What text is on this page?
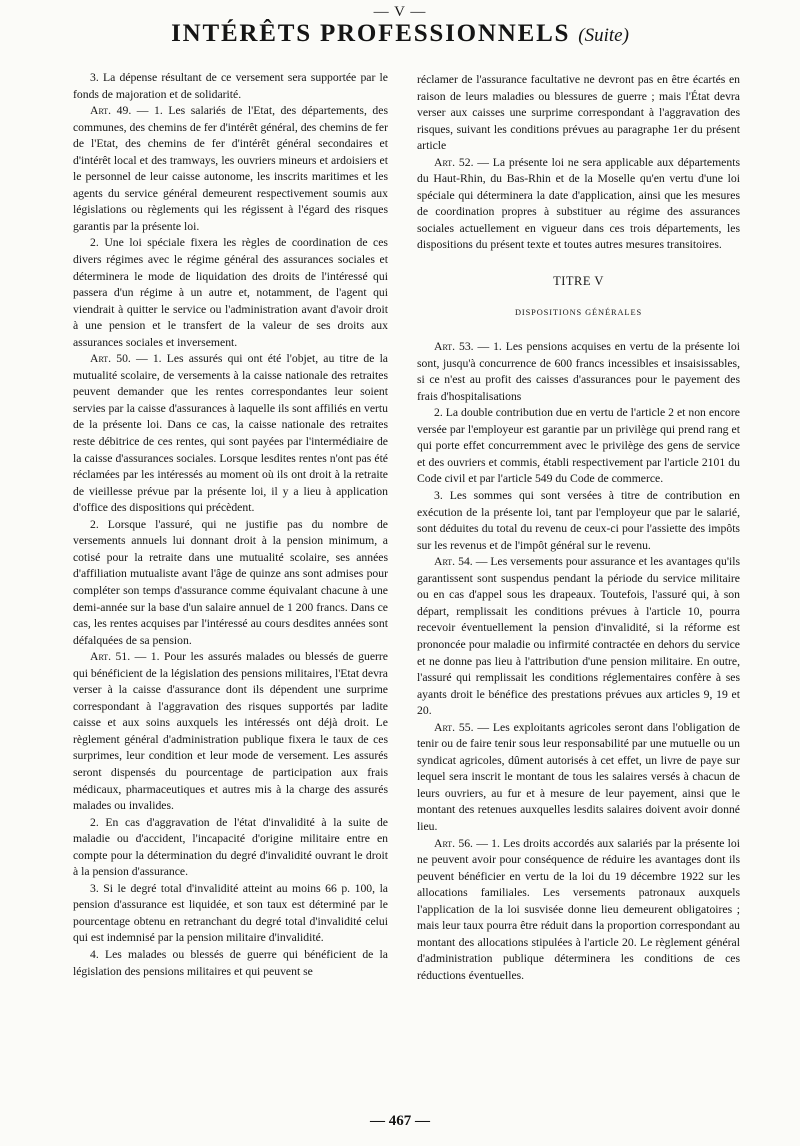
— V —
INTÉRÊTS PROFESSIONNELS (Suite)

3. La dépense résultant de ce versement sera supportée par le fonds de majoration et de solidarité.

Art. 49. — 1. Les salariés de l'Etat, des départements, des communes, des chemins de fer d'intérêt général, des chemins de fer de l'Etat, des chemins de fer d'intérêt général secondaires et d'intérêt local et des tramways, les ouvriers mineurs et ardoisiers et le personnel de leur caisse autonome, les inscrits maritimes et les agents du service général demeurent respectivement soumis aux législations ou règlements qui les régissent à l'égard des risques garantis par la présente loi.

2. Une loi spéciale fixera les règles de coordination de ces divers régimes avec le régime général des assurances sociales et déterminera le mode de liquidation des droits de l'intéressé qui passera d'un régime à un autre et, notamment, de l'agent qui viendrait à quitter le service ou l'administration avant d'avoir droit à une pension et le transfert de la valeur de ses droits aux assurances sociales et inversement.

Art. 50. — 1. Les assurés qui ont été l'objet, au titre de la mutualité scolaire, de versements à la caisse nationale des retraites peuvent demander que les rentes correspondantes leur soient servies par la caisse d'assurances à laquelle ils sont affiliés en vertu de la présente loi. Dans ce cas, la caisse nationale des retraites reste débitrice de ces rentes, qui sont payées par l'intermédiaire de la caisse d'assurances sociales. Lorsque lesdites rentes n'ont pas été réclamées par les intéressés au moment où ils ont droit à la retraite de vieillesse prévue par la présente loi, il y a lieu à application d'office des dispositions qui précèdent.

2. Lorsque l'assuré, qui ne justifie pas du nombre de versements annuels lui donnant droit à la pension minimum, a cotisé pour la retraite dans une mutualité scolaire, ses années d'affiliation mutualiste avant l'âge de quinze ans sont admises pour compléter son temps d'assurance comme équivalant chacune à une demi-année sur la base d'un salaire annuel de 1 200 francs. Dans ce cas, les rentes acquises par l'intéressé au cours desdites années sont défalquées de sa pension.

Art. 51. — 1. Pour les assurés malades ou blessés de guerre qui bénéficient de la législation des pensions militaires, l'Etat devra verser à la caisse d'assurance dont ils dépendent une surprime correspondant à l'aggravation des risques supportés par ladite caisse et aux soins auxquels les intéressés ont déjà droit. Le règlement général d'administration publique fixera le taux de ces surprimes, leur condition et leur mode de versement. Les assurés seront dispensés du pourcentage de participation aux frais médicaux, pharmaceutiques et autres mis à la charge des assurés malades ou invalides.

2. En cas d'aggravation de l'état d'invalidité à la suite de maladie ou d'accident, l'incapacité d'origine militaire entre en compte pour la détermination du degré d'invalidité ouvrant le droit à la pension d'assurance.

3. Si le degré total d'invalidité atteint au moins 66 p. 100, la pension d'assurance est liquidée, et son taux est déterminé par le pourcentage obtenu en retranchant du degré total d'invalidité celui qui est indemnisé par la pension militaire d'invalidité.

4. Les malades ou blessés de guerre qui bénéficient de la législation des pensions militaires et qui peuvent se

réclamer de l'assurance facultative ne devront pas en être écartés en raison de leurs maladies ou blessures de guerre ; mais l'État devra verser aux caisses une surprime correspondant à l'aggravation des risques, suivant les conditions prévues au paragraphe 1er du présent article

Art. 52. — La présente loi ne sera applicable aux départements du Haut-Rhin, du Bas-Rhin et de la Moselle qu'en vertu d'une loi spéciale qui déterminera la date d'application, ainsi que les mesures de coordination propres à substituer au régime des assurances sociales actuellement en vigueur dans ces trois départements, les dispositions du présent texte et toutes autres mesures transitoires.

TITRE V

DISPOSITIONS GÉNÉRALES

Art. 53. — 1. Les pensions acquises en vertu de la présente loi sont, jusqu'à concurrence de 600 francs incessibles et insaisissables, si ce n'est au profit des caisses d'assurances pour le payement des frais d'hospitalisations

2. La double contribution due en vertu de l'article 2 et non encore versée par l'employeur est garantie par un privilège qui prend rang et qui porte effet concurremment avec le privilège des gens de service et des ouvriers et commis, établi respectivement par l'article 2101 du Code civil et par l'article 549 du Code de commerce.

3. Les sommes qui sont versées à titre de contribution en exécution de la présente loi, tant par l'employeur que par le salarié, sont déduites du total du revenu de ceux-ci pour l'assiette des impôts sur les revenus et de l'impôt général sur le revenu.

Art. 54. — Les versements pour assurance et les avantages qu'ils garantissent sont suspendus pendant la période du service militaire ou en cas d'appel sous les drapeaux. Toutefois, l'assuré qui, à son départ, remplissait les conditions prévues à l'article 10, pourra recevoir éventuellement la pension d'invalidité, si la réforme est prononcée pour maladie ou infirmité contractée en dehors du service et ne donne pas lieu à l'attribution d'une pension militaire. En outre, l'assuré qui remplissait les conditions réglementaires confère à ses ayants droit le bénéfice des prestations prévues aux articles 9, 19 et 20.

Art. 55. — Les exploitants agricoles seront dans l'obligation de tenir ou de faire tenir sous leur responsabilité par une mutuelle ou un syndicat agricoles, dûment autorisés à cet effet, un livre de paye sur lequel sera inscrit le montant de tous les salaires versés à chacun de leurs ouvriers, au fur et à mesure de leur payement, ainsi que le montant des retenues auxquelles lesdits salaires doivent avoir donné lieu.

Art. 56. — 1. Les droits accordés aux salariés par la présente loi ne peuvent avoir pour conséquence de réduire les avantages dont ils peuvent bénéficier en vertu de la loi du 19 décembre 1922 sur les allocations familiales. Les versements patronaux auxquels l'application de la loi susvisée donne lieu demeurent obligatoires ; mais leur taux pourra être réduit dans la proportion correspondant au montant des allocations stipulées à l'article 20. Le règlement général d'administration publique déterminera les conditions de ces réductions éventuelles.

— 467 —
